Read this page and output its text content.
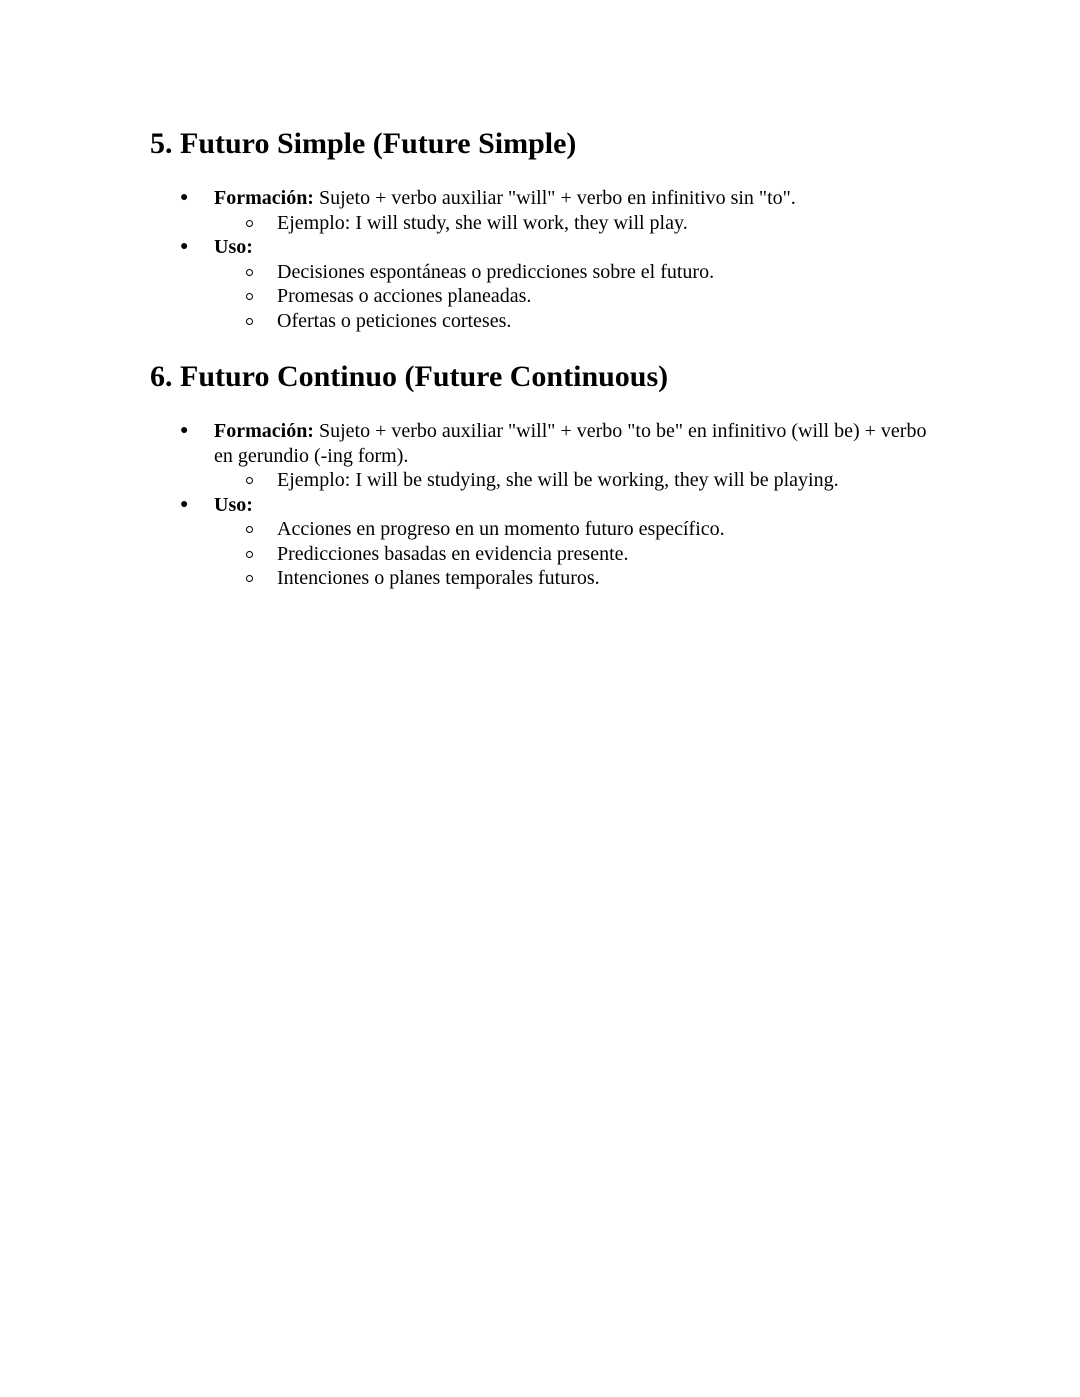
5. Futuro Simple (Future Simple)
● Formación: Sujeto + verbo auxiliar "will" + verbo en infinitivo sin "to".
Ejemplo: I will study, she will work, they will play.
● Uso:
Decisiones espontáneas o predicciones sobre el futuro.
Promesas o acciones planeadas.
Ofertas o peticiones corteses.
6. Futuro Continuo (Future Continuous)
● Formación: Sujeto + verbo auxiliar "will" + verbo "to be" en infinitivo (will be) + verbo en gerundio (-ing form).
Ejemplo: I will be studying, she will be working, they will be playing.
● Uso:
Acciones en progreso en un momento futuro específico.
Predicciones basadas en evidencia presente.
Intenciones o planes temporales futuros.
